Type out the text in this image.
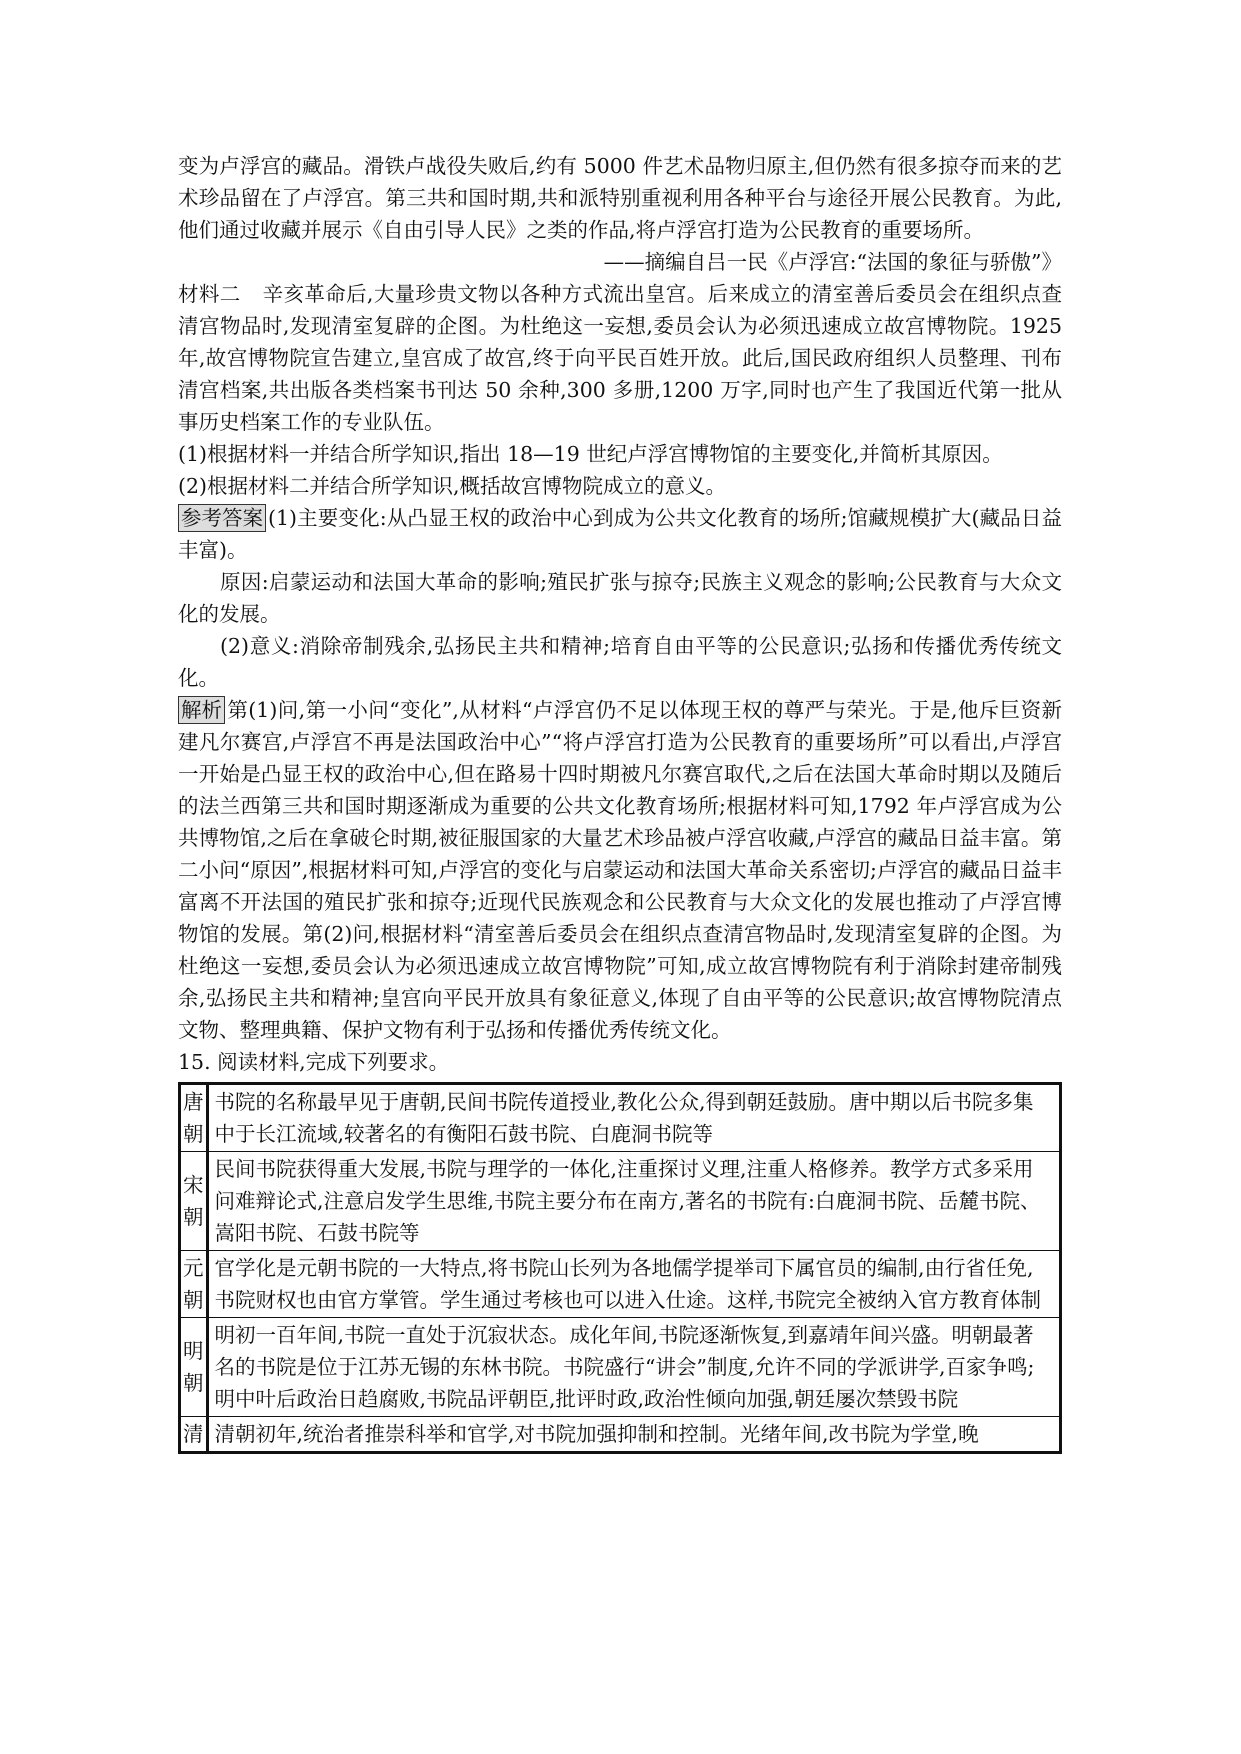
变为卢浮宫的藏品。滑铁卢战役失败后,约有 5000 件艺术品物归原主,但仍然有很多掠夺而来的艺术珍品留在了卢浮宫。第三共和国时期,共和派特别重视利用各种平台与途径开展公民教育。为此,他们通过收藏并展示《自由引导人民》之类的作品,将卢浮宫打造为公民教育的重要场所。

——摘编自吕一民《卢浮宫:“法国的象征与骄傲”》

材料二 辛亥革命后,大量珍贵文物以各种方式流出皇宫。后来成立的清室善后委员会在组织点查清宫物品时,发现清室复辟的企图。为杜绝这一妄想,委员会认为必须迅速成立故宫博物院。1925 年,故宫博物院宣告建立,皇宫成了故宫,终于向平民百姓开放。此后,国民政府组织人员整理、刊布清宫档案,共出版各类档案书刊达 50 余种,300 多册,1200 万字,同时也产生了我国近代第一批从事历史档案工作的专业队伍。

(1)根据材料一并结合所学知识,指出 18—19 世纪卢浮宫博物馆的主要变化,并简析其原因。

(2)根据材料二并结合所学知识,概括故宫博物院成立的意义。

参考答案 (1)主要变化:从凸显王权的政治中心到成为公共文化教育的场所;馆藏规模扩大(藏品日益丰富)。

原因:启蒙运动和法国大革命的影响;殖民扩张与掠夺;民族主义观念的影响;公民教育与大众文化的发展。

(2)意义:消除帝制残余,弘扬民主共和精神;培育自由平等的公民意识;弘扬和传播优秀传统文化。

解析 第(1)问,第一小问“变化”,从材料“卢浮宫仍不足以体现王权的尊严与荣光。于是,他斥巨资新建凡尔赛宫,卢浮宫不再是法国政治中心”“将卢浮宫打造为公民教育的重要场所”可以看出,卢浮宫一开始是凸显王权的政治中心,但在路易十四时期被凡尔赛宫取代,之后在法国大革命时期以及随后的法兰西第三共和国时期逐渐成为重要的公共文化教育场所;根据材料可知,1792 年卢浮宫成为公共博物馆,之后在拿破仑时期,被征服国家的大量艺术珍品被卢浮宫收藏,卢浮宫的藏品日益丰富。第二小问“原因”,根据材料可知,卢浮宫的变化与启蒙运动和法国大革命关系密切;卢浮宫的藏品日益丰富离不开法国的殖民扩张和掠夺;近现代民族观念和公民教育与大众文化的发展也推动了卢浮宫博物馆的发展。第(2)问,根据材料“清室善后委员会在组织点查清宫物品时,发现清室复辟的企图。为杜绝这一妄想,委员会认为必须迅速成立故宫博物院”可知,成立故宫博物院有利于消除封建帝制残余,弘扬民主共和精神;皇宫向平民开放具有象征意义,体现了自由平等的公民意识;故宫博物院清点文物、整理典籍、保护文物有利于弘扬和传播优秀传统文化。

15. 阅读材料,完成下列要求。

唐
朝	书院的名称最早见于唐朝,民间书院传道授业,教化公众,得到朝廷鼓励。唐中期以后书院多集中于长江流域,较著名的有衡阳石鼓书院、白鹿洞书院等

宋
朝	民间书院获得重大发展,书院与理学的一体化,注重探讨义理,注重人格修养。教学方式多采用问难辩论式,注意启发学生思维,书院主要分布在南方,著名的书院有:白鹿洞书院、岳麓书院、嵩阳书院、石鼓书院等

元
朝	官学化是元朝书院的一大特点,将书院山长列为各地儒学提举司下属官员的编制,由行省任免,书院财权也由官方掌管。学生通过考核也可以进入仕途。这样,书院完全被纳入官方教育体制

明
朝	明初一百年间,书院一直处于沉寂状态。成化年间,书院逐渐恢复,到嘉靖年间兴盛。明朝最著名的书院是位于江苏无锡的东林书院。书院盛行“讲会”制度,允许不同的学派讲学,百家争鸣;明中叶后政治日趋腐败,书院品评朝臣,批评时政,政治性倾向加强,朝廷屡次禁毁书院

清	清朝初年,统治者推崇科举和官学,对书院加强抑制和控制。光绪年间,改书院为学堂,晚
